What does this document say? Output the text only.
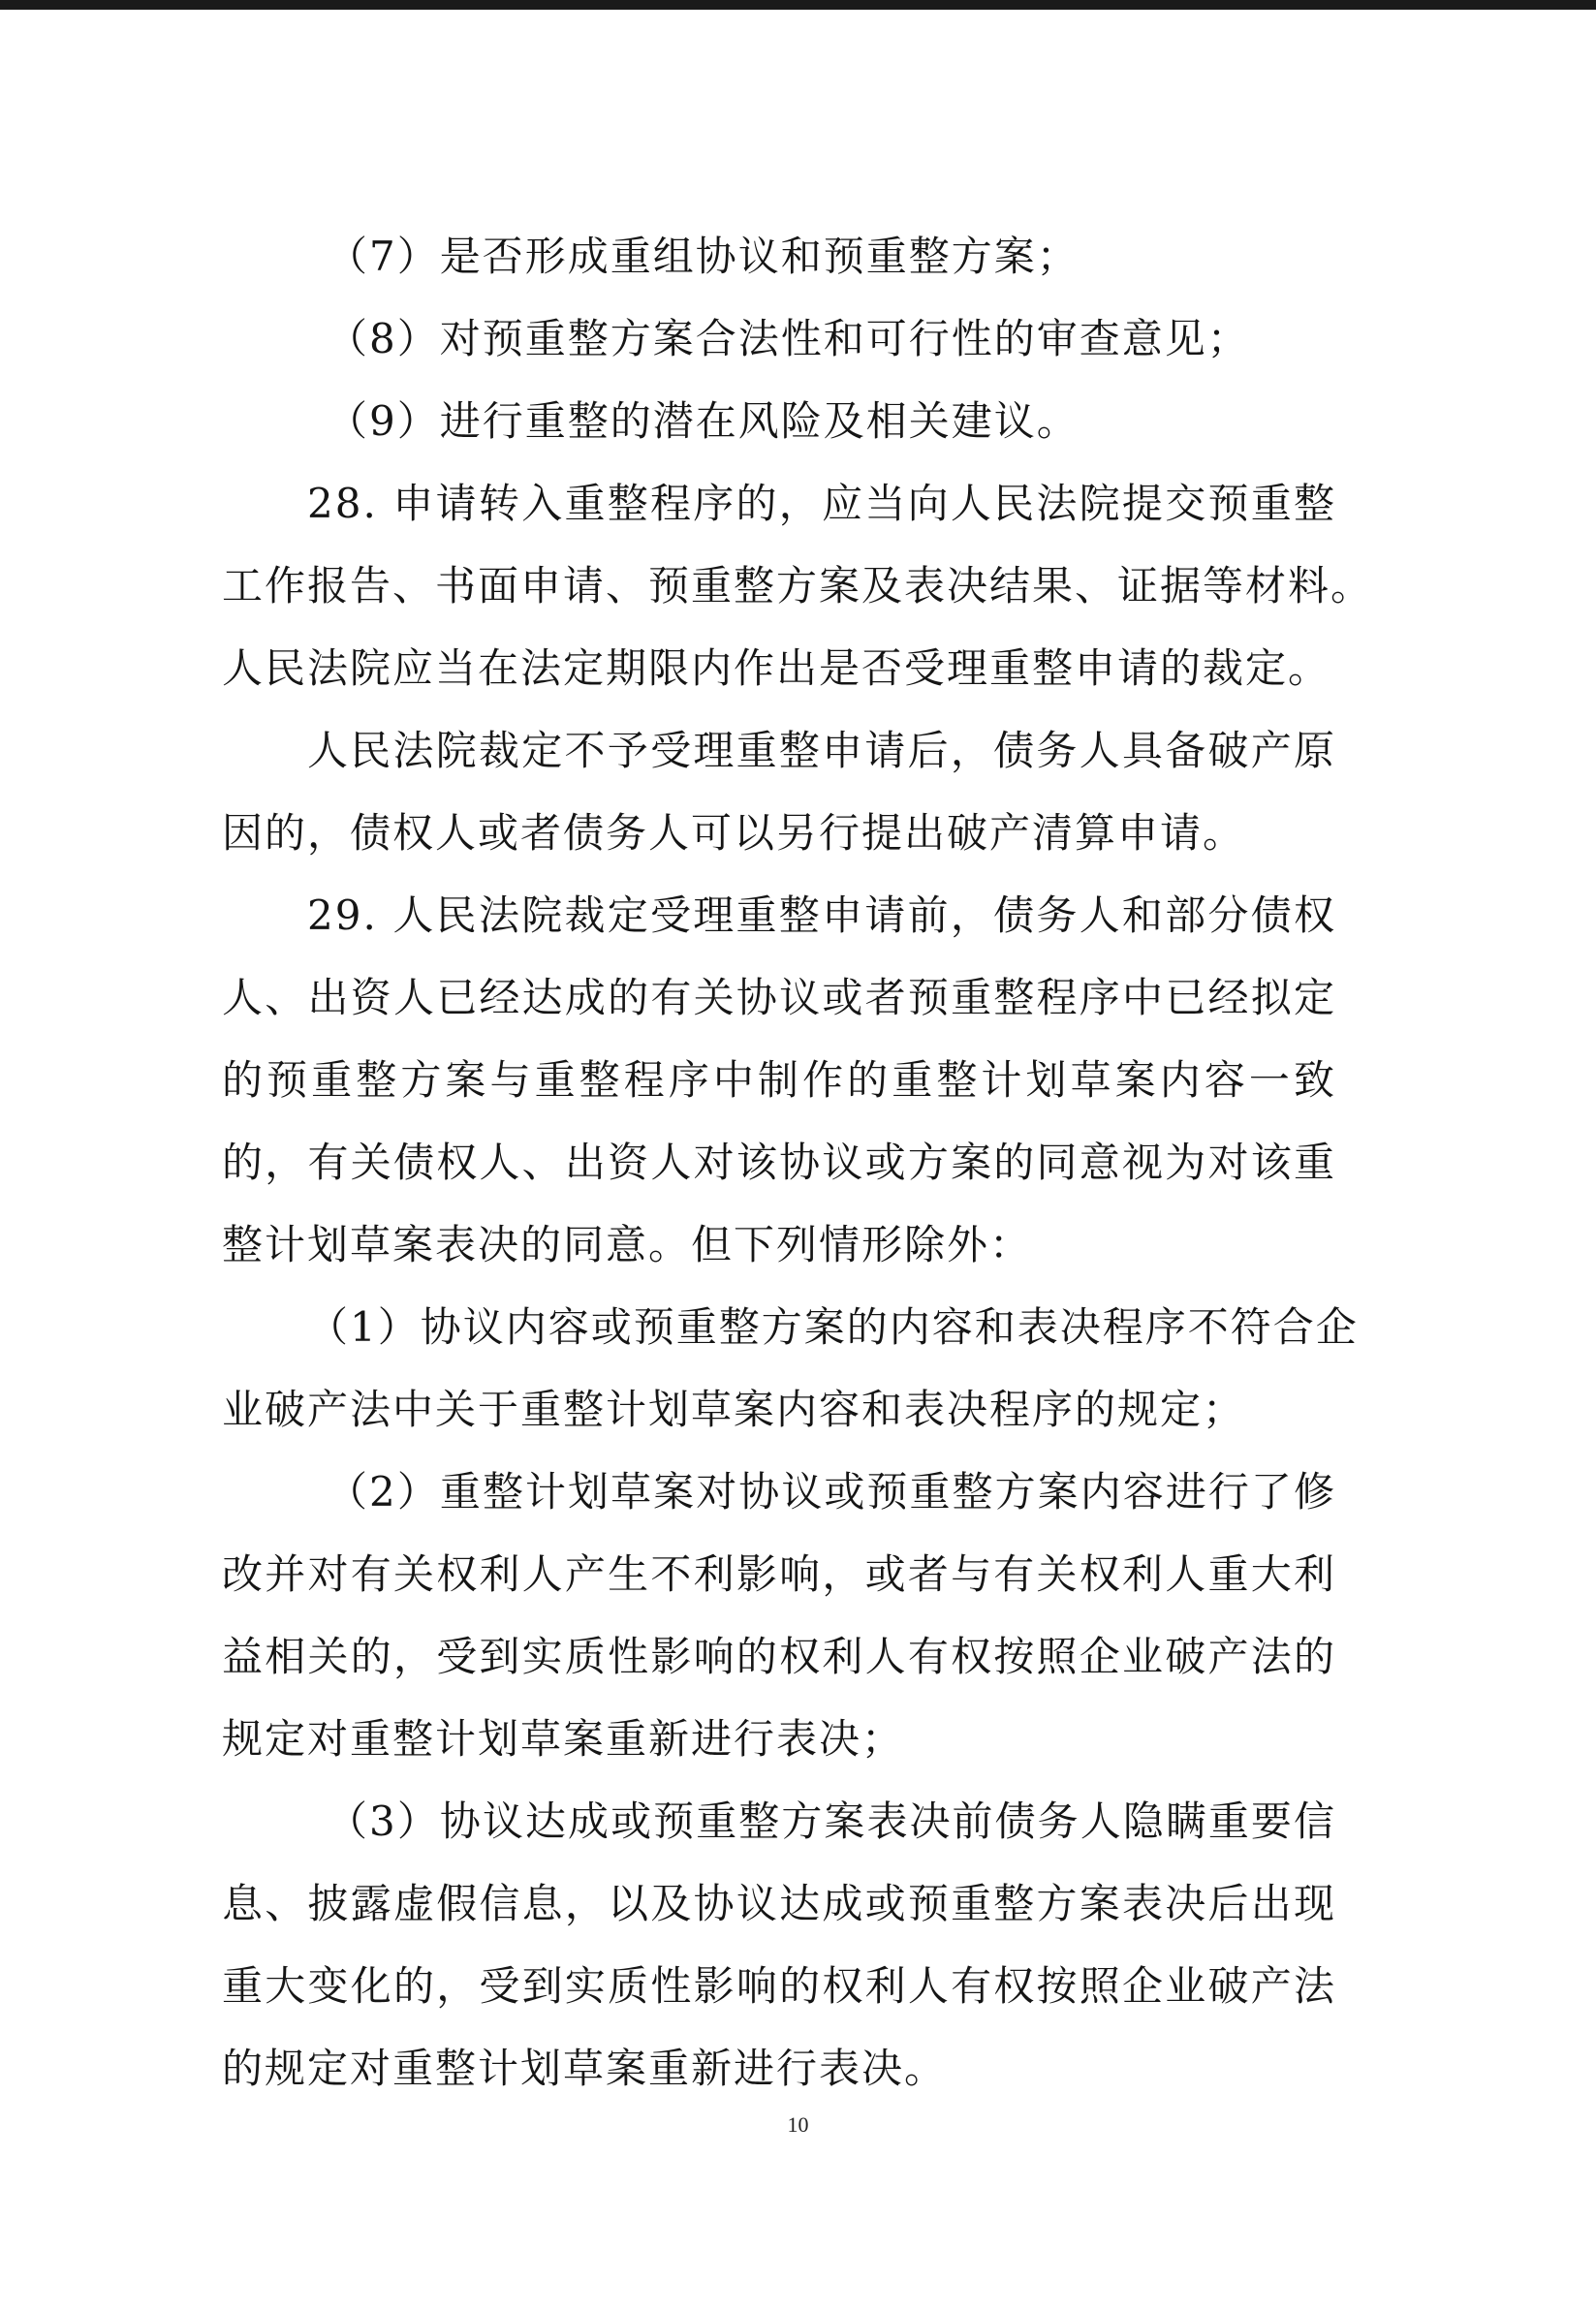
（7）是否形成重组协议和预重整方案；
（8）对预重整方案合法性和可行性的审查意见；
（9）进行重整的潜在风险及相关建议。
28. 申请转入重整程序的，应当向人民法院提交预重整
工作报告、书面申请、预重整方案及表决结果、证据等材料。
人民法院应当在法定期限内作出是否受理重整申请的裁定。
人民法院裁定不予受理重整申请后，债务人具备破产原
因的，债权人或者债务人可以另行提出破产清算申请。
29. 人民法院裁定受理重整申请前，债务人和部分债权
人、出资人已经达成的有关协议或者预重整程序中已经拟定
的预重整方案与重整程序中制作的重整计划草案内容一致
的，有关债权人、出资人对该协议或方案的同意视为对该重
整计划草案表决的同意。但下列情形除外：
（1）协议内容或预重整方案的内容和表决程序不符合企
业破产法中关于重整计划草案内容和表决程序的规定；
（2）重整计划草案对协议或预重整方案内容进行了修
改并对有关权利人产生不利影响，或者与有关权利人重大利
益相关的，受到实质性影响的权利人有权按照企业破产法的
规定对重整计划草案重新进行表决；
（3）协议达成或预重整方案表决前债务人隐瞒重要信
息、披露虚假信息，以及协议达成或预重整方案表决后出现
重大变化的，受到实质性影响的权利人有权按照企业破产法
的规定对重整计划草案重新进行表决。
10
